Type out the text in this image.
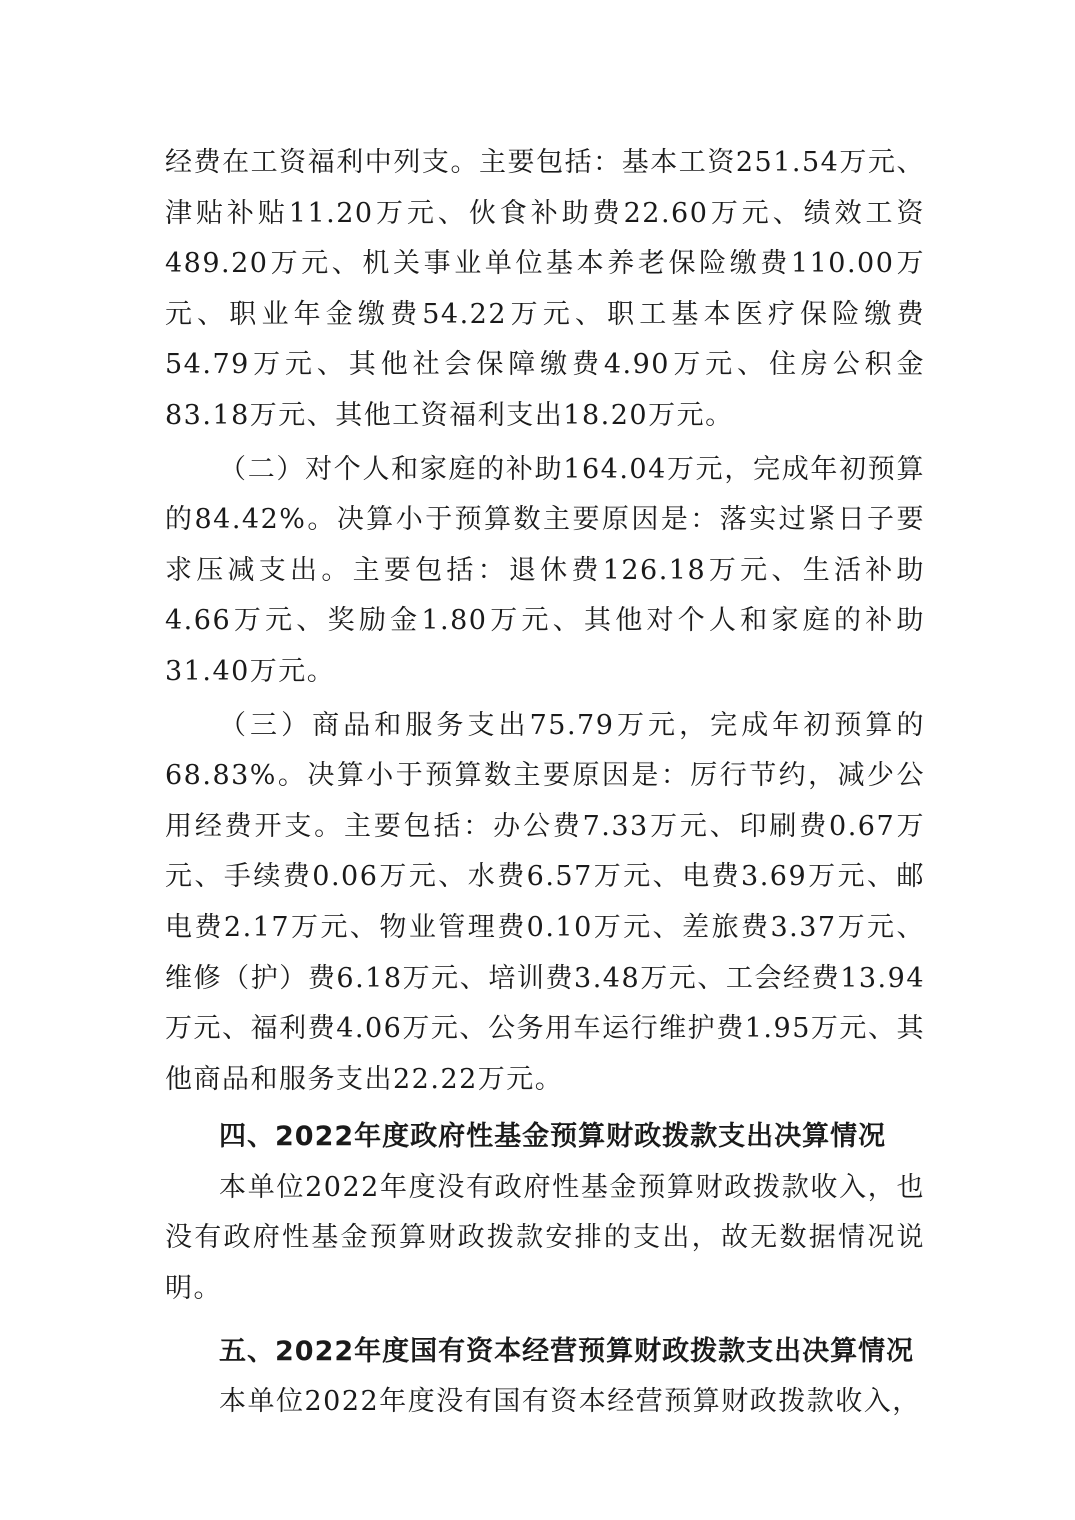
经费在工资福利中列支。主要包括：基本工资251.54万元、津贴补贴11.20万元、伙食补助费22.60万元、绩效工资489.20万元、机关事业单位基本养老保险缴费110.00万元、职业年金缴费54.22万元、职工基本医疗保险缴费54.79万元、其他社会保障缴费4.90万元、住房公积金83.18万元、其他工资福利支出18.20万元。

（二）对个人和家庭的补助164.04万元，完成年初预算的84.42%。决算小于预算数主要原因是：落实过紧日子要求压减支出。主要包括：退休费126.18万元、生活补助4.66万元、奖励金1.80万元、其他对个人和家庭的补助31.40万元。

（三）商品和服务支出75.79万元，完成年初预算的68.83%。决算小于预算数主要原因是：厉行节约，减少公用经费开支。主要包括：办公费7.33万元、印刷费0.67万元、手续费0.06万元、水费6.57万元、电费3.69万元、邮电费2.17万元、物业管理费0.10万元、差旅费3.37万元、维修（护）费6.18万元、培训费3.48万元、工会经费13.94万元、福利费4.06万元、公务用车运行维护费1.95万元、其他商品和服务支出22.22万元。

四、2022年度政府性基金预算财政拨款支出决算情况

本单位2022年度没有政府性基金预算财政拨款收入，也没有政府性基金预算财政拨款安排的支出，故无数据情况说明。

五、2022年度国有资本经营预算财政拨款支出决算情况

本单位2022年度没有国有资本经营预算财政拨款收入，
